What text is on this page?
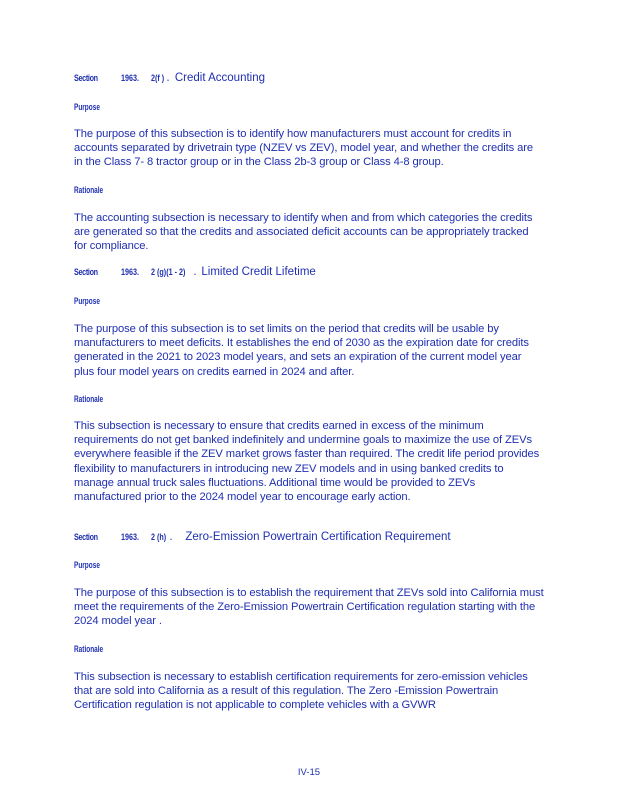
Section	1963. 2(f ) . Credit Accounting
Purpose

The purpose of this subsection is to identify how manufacturers must account for credits in accounts separated by drivetrain type (NZEV vs ZEV), model year, and whether the credits are in the Class 7- 8 tractor group or in the Class 2b-3 group or Class 4-8 group.

Rationale

The accounting subsection is necessary to identify when and from which categories the credits are generated so that the credits and associated deficit accounts can be appropriately tracked for compliance.

Section	1963. 2 (g)(1 - 2) . Limited Credit Lifetime
Purpose

The purpose of this subsection is to set limits on the period that credits will be usable by manufacturers to meet deficits. It establishes the end of 2030 as the expiration date for credits generated in the 2021 to 2023 model years, and sets an expiration of the current model year plus four model years on credits earned in 2024 and after.

Rationale

This subsection is necessary to ensure that credits earned in excess of the minimum requirements do not get banked indefinitely and undermine goals to maximize the use of ZEVs everywhere feasible if the ZEV market grows faster than required. The credit life period provides flexibility to manufacturers in introducing new ZEV models and in using banked credits to manage annual truck sales fluctuations. Additional time would be provided to ZEVs manufactured prior to the 2024 model year to encourage early action.

Section	1963. 2 (h) . Zero-Emission Powertrain Certification Requirement
Purpose

The purpose of this subsection is to establish the requirement that ZEVs sold into California must meet the requirements of the Zero-Emission Powertrain Certification regulation starting with the 2024 model year .

Rationale

This subsection is necessary to establish certification requirements for zero-emission vehicles that are sold into California as a result of this regulation. The Zero -Emission Powertrain Certification regulation is not applicable to complete vehicles with a GVWR

IV-15
